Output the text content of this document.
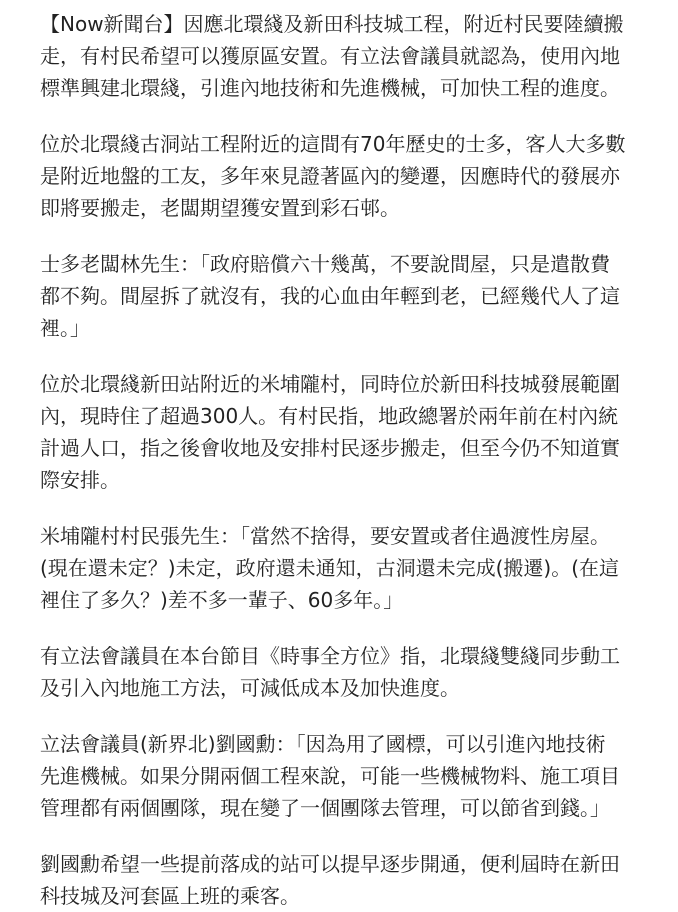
【Now新聞台】因應北環綫及新田科技城工程，附近村民要陸續搬
走，有村民希望可以獲原區安置。有立法會議員就認為，使用內地
標準興建北環綫，引進內地技術和先進機械，可加快工程的進度。

位於北環綫古洞站工程附近的這間有70年歷史的士多，客人大多數
是附近地盤的工友，多年來見證著區內的變遷，因應時代的發展亦
即將要搬走，老闆期望獲安置到彩石邨。

士多老闆林先生：「政府賠償六十幾萬，不要說間屋，只是遣散費
都不夠。間屋拆了就沒有，我的心血由年輕到老，已經幾代人了這
裡。」

位於北環綫新田站附近的米埔隴村，同時位於新田科技城發展範圍
內，現時住了超過300人。有村民指，地政總署於兩年前在村內統
計過人口，指之後會收地及安排村民逐步搬走，但至今仍不知道實
際安排。

米埔隴村村民張先生：「當然不捨得，要安置或者住過渡性房屋。
(現在還未定？)未定，政府還未通知，古洞還未完成(搬遷)。(在這
裡住了多久？)差不多一輩子、60多年。」

有立法會議員在本台節目《時事全方位》指，北環綫雙綫同步動工
及引入內地施工方法，可減低成本及加快進度。

立法會議員(新界北)劉國勳：「因為用了國標，可以引進內地技術
先進機械。如果分開兩個工程來說，可能一些機械物料、施工項目
管理都有兩個團隊，現在變了一個團隊去管理，可以節省到錢。」

劉國勳希望一些提前落成的站可以提早逐步開通，便利屆時在新田
科技城及河套區上班的乘客。
